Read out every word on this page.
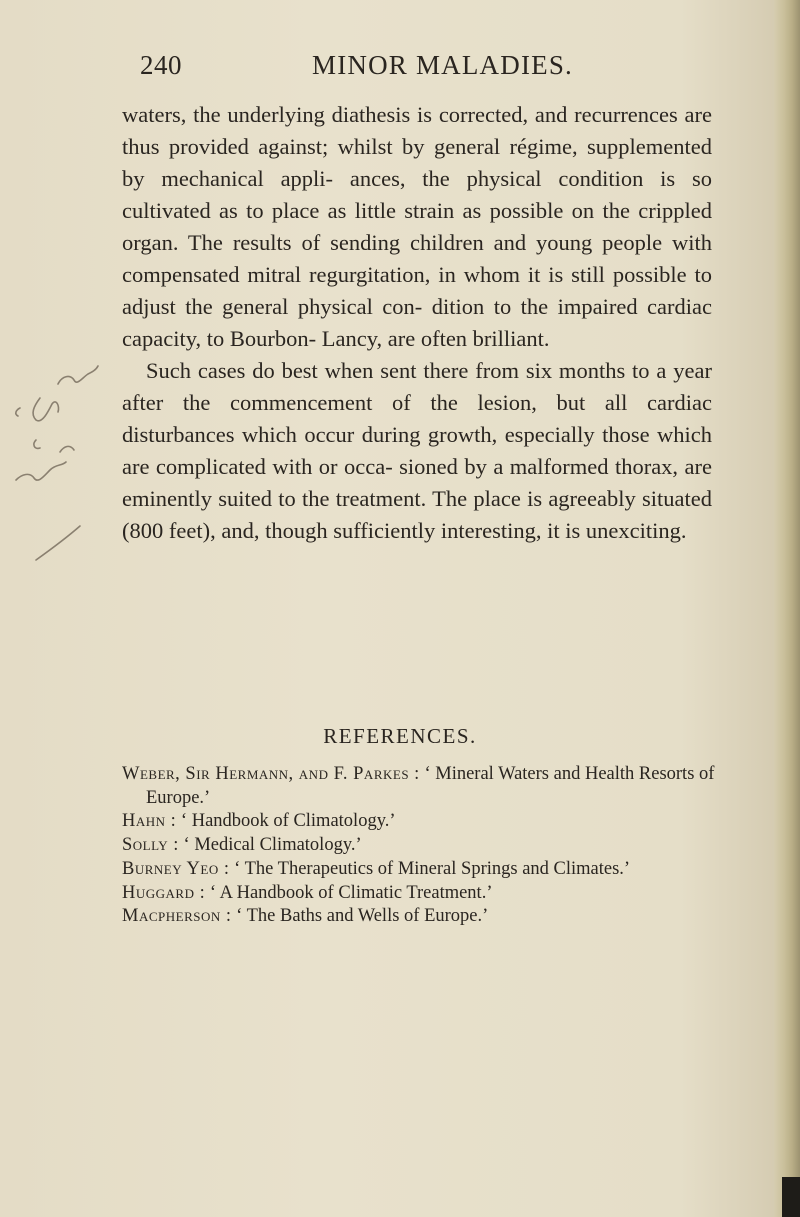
240	MINOR MALADIES.

waters, the underlying diathesis is corrected, and recurrences are thus provided against; whilst by general régime, supplemented by mechanical appli- ances, the physical condition is so cultivated as to place as little strain as possible on the crippled organ. The results of sending children and young people with compensated mitral regurgitation, in whom it is still possible to adjust the general physical con- dition to the impaired cardiac capacity, to Bourbon- Lancy, are often brilliant.

Such cases do best when sent there from six months to a year after the commencement of the lesion, but all cardiac disturbances which occur during growth, especially those which are complicated with or occa- sioned by a malformed thorax, are eminently suited to the treatment. The place is agreeably situated (800 feet), and, though sufficiently interesting, it is unexciting.

REFERENCES.

Weber, Sir Hermann, and F. Parkes : ‘ Mineral Waters and Health Resorts of Europe.’

Hahn : ‘ Handbook of Climatology.’

Solly : ‘ Medical Climatology.’

Burney Yeo : ‘ The Therapeutics of Mineral Springs and Climates.’

Huggard : ‘ A Handbook of Climatic Treatment.’

Macpherson : ‘ The Baths and Wells of Europe.’
